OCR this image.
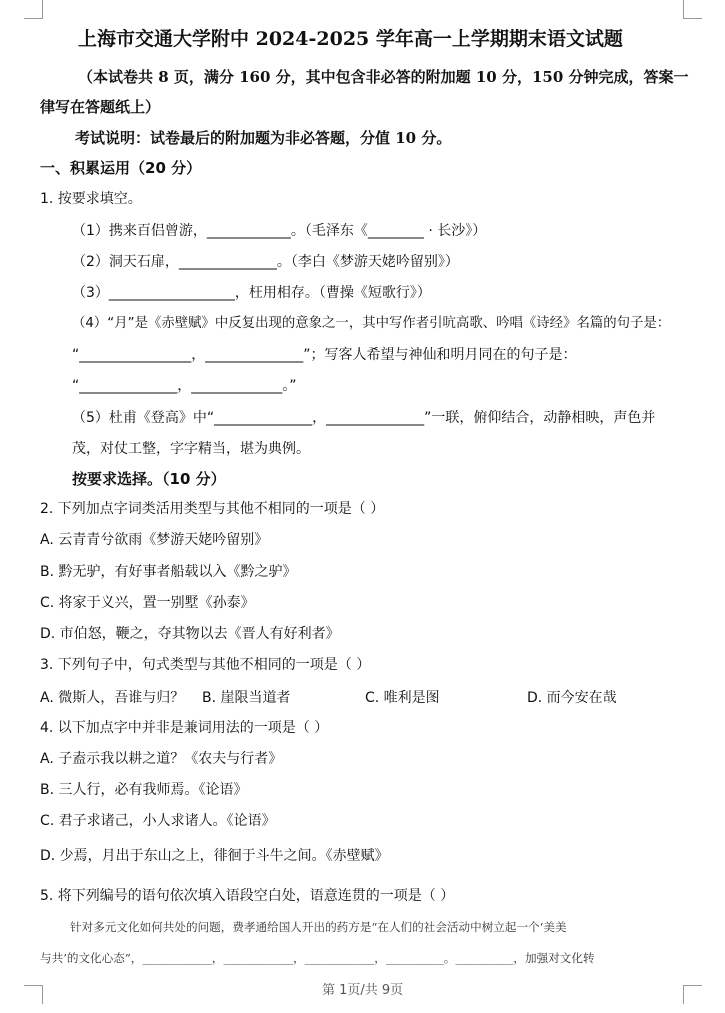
上海市交通大学附中 2024-2025 学年高一上学期期末语文试题
（本试卷共 8 页，满分 160 分，其中包含非必答的附加题 10 分，150 分钟完成，答案一
律写在答题纸上）
考试说明：试卷最后的附加题为非必答题，分值 10 分。
一、积累运用（20 分）
1. 按要求填空。
（1）携来百侣曾游，____________。（毛泽东《________ · 长沙》）
（2）洞天石扉，______________。（李白《梦游天姥吟留别》）
（3）__________________，枉用相存。（曹操《短歌行》）
（4）“月”是《赤壁赋》中反复出现的意象之一，其中写作者引吭高歌、吟唱《诗经》名篇的句子是：
“________________，______________”；写客人希望与神仙和明月同在的句子是：
“______________，_____________。”
（5）杜甫《登高》中“______________，______________”一联，俯仰结合，动静相映，声色并
茂，对仗工整，字字精当，堪为典例。
按要求选择。（10 分）
2. 下列加点字词类活用类型与其他不相同的一项是（ ）
A. 云青青兮欲雨《梦游天姥吟留别》
B. 黔无驴，有好事者船载以入《黔之驴》
C. 将家于义兴，置一别墅《孙泰》
D. 市伯怒，鞭之，夺其物以去《晋人有好利者》
3. 下列句子中，句式类型与其他不相同的一项是（ ）
A. 微斯人，吾谁与归？ B. 崖限当道者	C. 唯利是图	D. 而今安在哉
4. 以下加点字中并非是兼词用法的一项是（ ）
A. 子盍示我以耕之道？《农夫与行者》
B. 三人行，必有我师焉。《论语》
C. 君子求诸己，小人求诸人。《论语》
D. 少焉，月出于东山之上，徘徊于斗牛之间。《赤壁赋》
5. 将下列编号的语句依次填入语段空白处，语意连贯的一项是（ ）
针对多元文化如何共处的问题，费孝通给国人开出的药方是“在人们的社会活动中树立起一个‘美美
与共’的文化心态”，____________，____________，____________，__________。__________，加强对文化转
第 1页/共 9页
